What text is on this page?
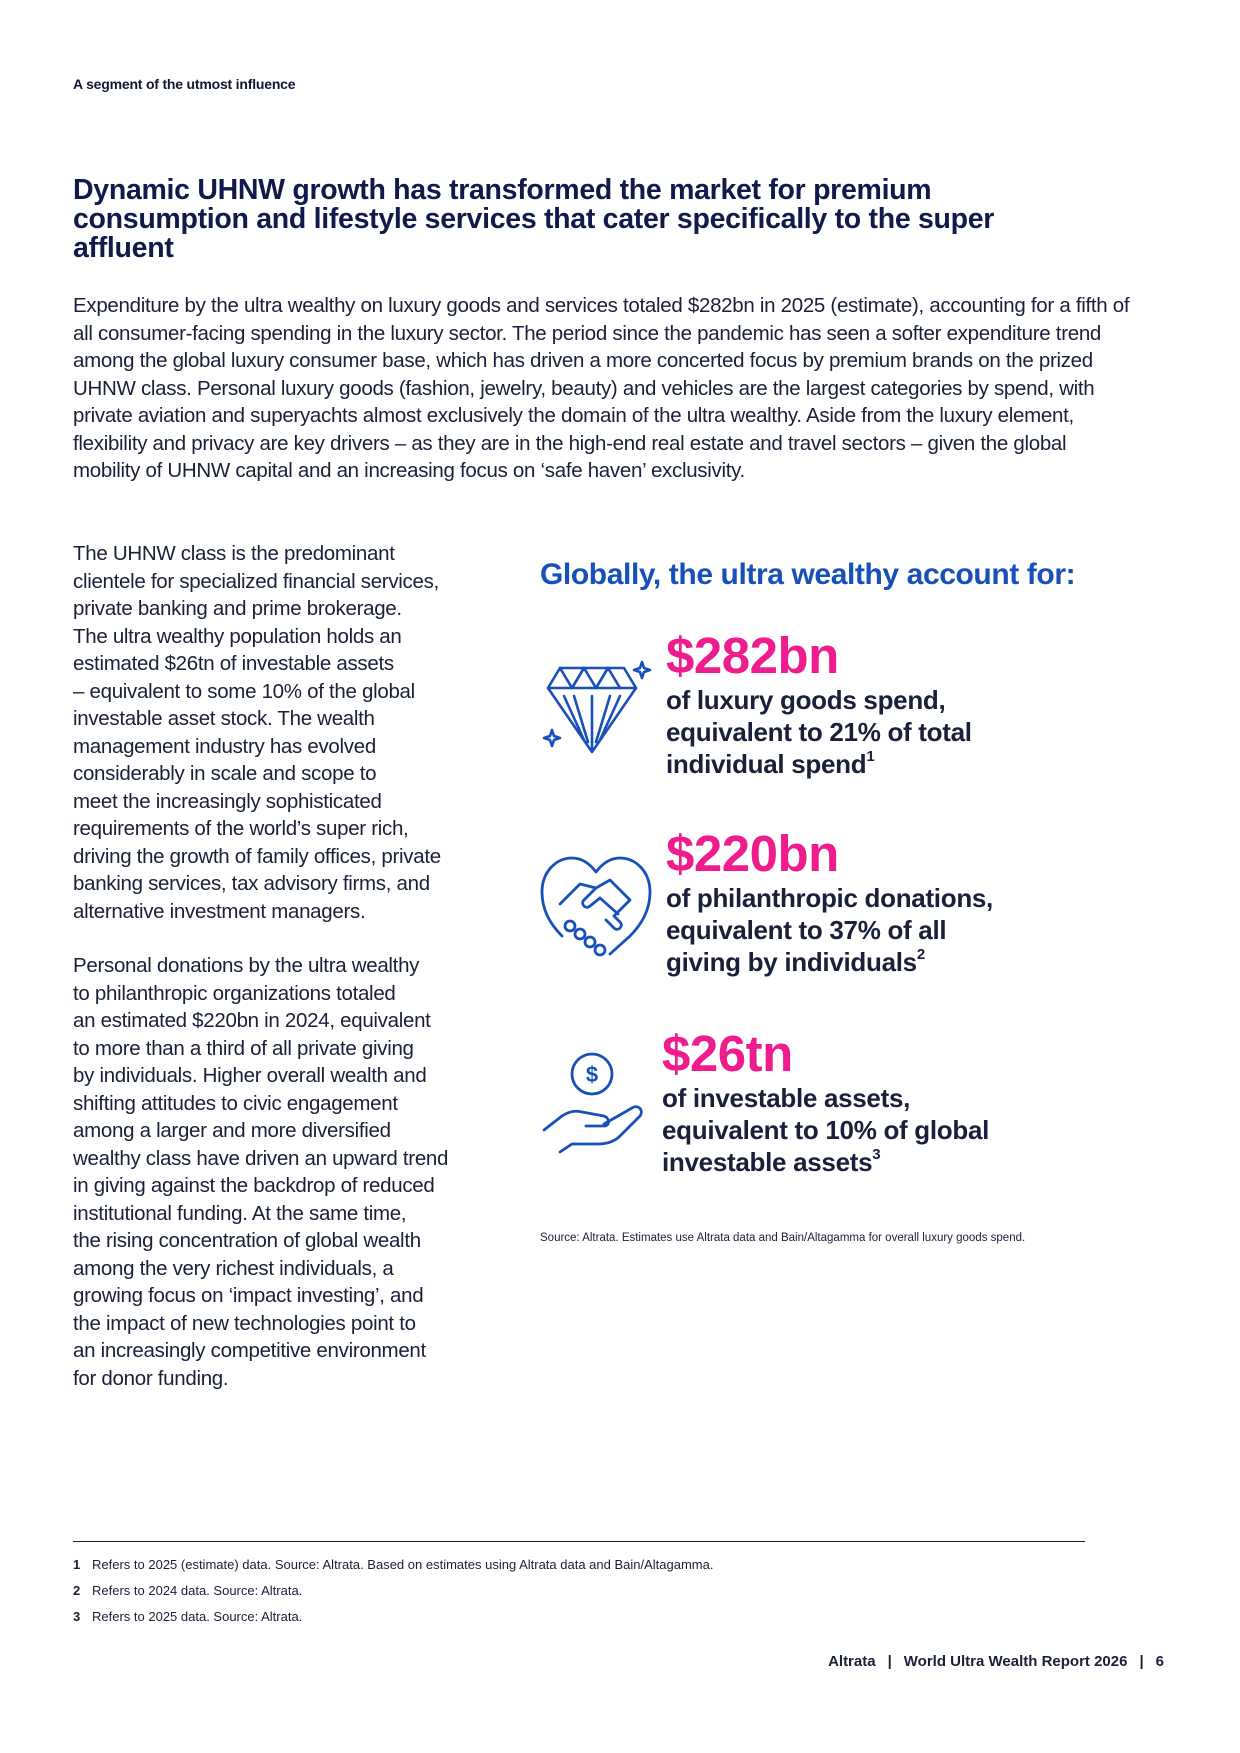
A segment of the utmost influence
Dynamic UHNW growth has transformed the market for premium consumption and lifestyle services that cater specifically to the super affluent

Expenditure by the ultra wealthy on luxury goods and services totaled $282bn in 2025 (estimate), accounting for a fifth of all consumer-facing spending in the luxury sector. The period since the pandemic has seen a softer expenditure trend among the global luxury consumer base, which has driven a more concerted focus by premium brands on the prized UHNW class. Personal luxury goods (fashion, jewelry, beauty) and vehicles are the largest categories by spend, with private aviation and superyachts almost exclusively the domain of the ultra wealthy. Aside from the luxury element, flexibility and privacy are key drivers – as they are in the high-end real estate and travel sectors – given the global mobility of UHNW capital and an increasing focus on ‘safe haven’ exclusivity.

The UHNW class is the predominant
clientele for specialized financial services,
private banking and prime brokerage.
The ultra wealthy population holds an
estimated $26tn of investable assets
– equivalent to some 10% of the global
investable asset stock. The wealth
management industry has evolved
considerably in scale and scope to
meet the increasingly sophisticated
requirements of the world’s super rich,
driving the growth of family offices, private
banking services, tax advisory firms, and
alternative investment managers.

Personal donations by the ultra wealthy
to philanthropic organizations totaled
an estimated $220bn in 2024, equivalent
to more than a third of all private giving
by individuals. Higher overall wealth and
shifting attitudes to civic engagement
among a larger and more diversified
wealthy class have driven an upward trend
in giving against the backdrop of reduced
institutional funding. At the same time,
the rising concentration of global wealth
among the very richest individuals, a
growing focus on ‘impact investing’, and
the impact of new technologies point to
an increasingly competitive environment
for donor funding.

Globally, the ultra wealthy account for:
$282bn
of luxury goods spend,
equivalent to 21% of total
individual spend$^1$
$220bn
of philanthropic donations,
equivalent to 37% of all
giving by individuals$^2$
$ $26tn
of investable assets,
equivalent to 10% of global
investable assets$^3$
Source: Altrata. Estimates use Altrata data and Bain/Altagamma for overall luxury goods spend.
1 Refers to 2025 (estimate) data. Source: Altrata. Based on estimates using Altrata data and Bain/Altagamma.
2 Refers to 2024 data. Source: Altrata.
3 Refers to 2025 data. Source: Altrata.
Altrata | World Ultra Wealth Report 2026 | 6
